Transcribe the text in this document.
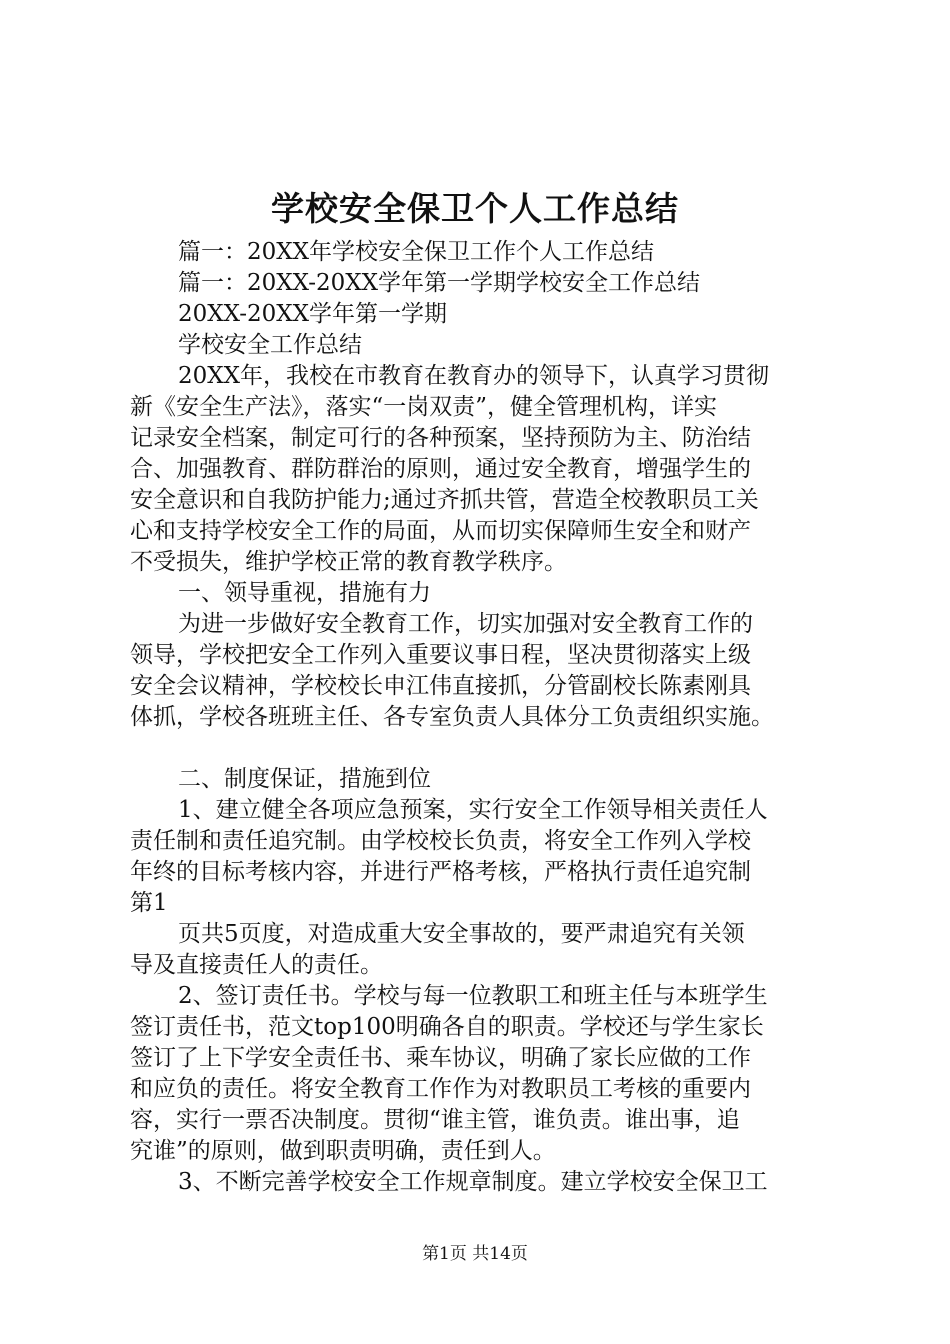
学校安全保卫个人工作总结
篇一：20XX年学校安全保卫工作个人工作总结
篇一：20XX-20XX学年第一学期学校安全工作总结
20XX-20XX学年第一学期
学校安全工作总结
20XX年，我校在市教育在教育办的领导下，认真学习贯彻
新《安全生产法》，落实“一岗双责”，健全管理机构，详实
记录安全档案，制定可行的各种预案，坚持预防为主、防治结
合、加强教育、群防群治的原则，通过安全教育，增强学生的
安全意识和自我防护能力;通过齐抓共管，营造全校教职员工关
心和支持学校安全工作的局面，从而切实保障师生安全和财产
不受损失，维护学校正常的教育教学秩序。
一、领导重视，措施有力
为进一步做好安全教育工作，切实加强对安全教育工作的
领导，学校把安全工作列入重要议事日程，坚决贯彻落实上级
安全会议精神，学校校长申江伟直接抓，分管副校长陈素刚具
体抓，学校各班班主任、各专室负责人具体分工负责组织实施。
二、制度保证，措施到位
1、建立健全各项应急预案，实行安全工作领导相关责任人
责任制和责任追究制。由学校校长负责，将安全工作列入学校
年终的目标考核内容，并进行严格考核，严格执行责任追究制
第1
页共5页度，对造成重大安全事故的，要严肃追究有关领
导及直接责任人的责任。
2、签订责任书。学校与每一位教职工和班主任与本班学生
签订责任书，范文top100明确各自的职责。学校还与学生家长
签订了上下学安全责任书、乘车协议，明确了家长应做的工作
和应负的责任。将安全教育工作作为对教职员工考核的重要内
容，实行一票否决制度。贯彻“谁主管，谁负责。谁出事，追
究谁”的原则，做到职责明确，责任到人。
3、不断完善学校安全工作规章制度。建立学校安全保卫工
第1页 共14页
